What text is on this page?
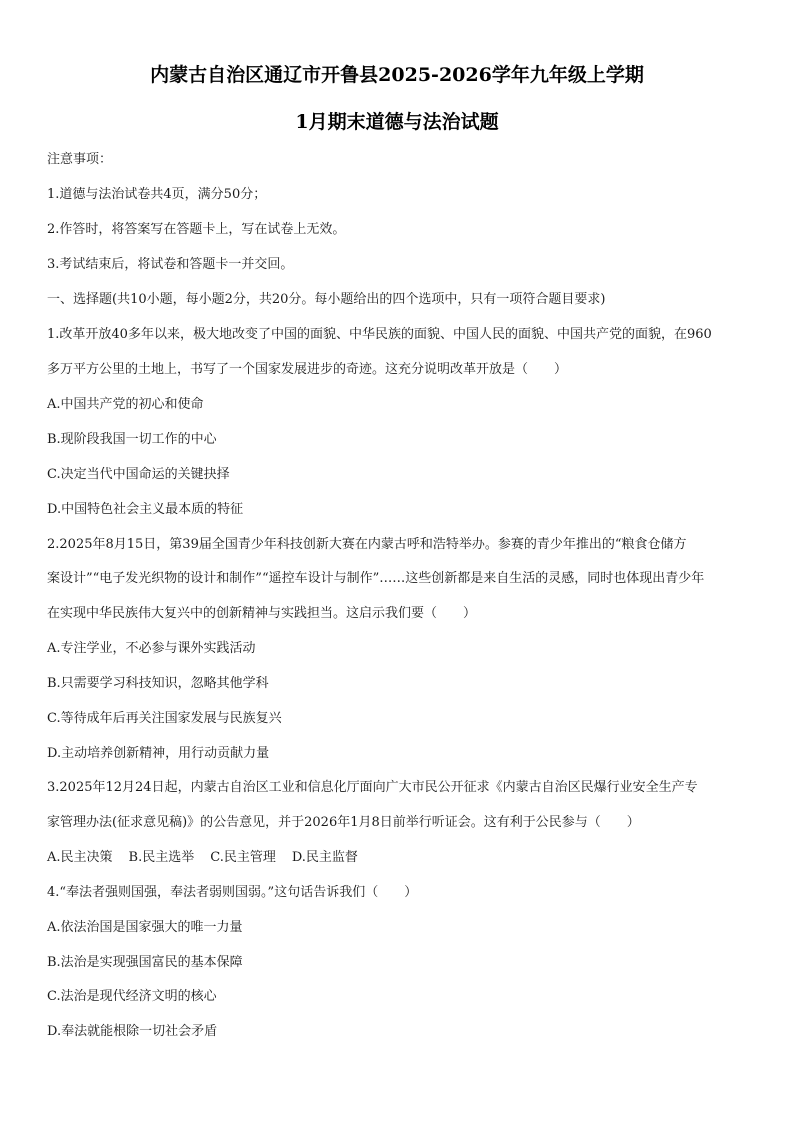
内蒙古自治区通辽市开鲁县2025-2026学年九年级上学期
1月期末道德与法治试题
注意事项：
1.道德与法治试卷共4页，满分50分；
2.作答时，将答案写在答题卡上，写在试卷上无效。
3.考试结束后，将试卷和答题卡一并交回。
一、选择题(共10小题，每小题2分，共20分。每小题给出的四个选项中，只有一项符合题目要求)
1.改革开放40多年以来，极大地改变了中国的面貌、中华民族的面貌、中国人民的面貌、中国共产党的面貌，在960
多万平方公里的土地上，书写了一个国家发展进步的奇迹。这充分说明改革开放是（　　）
A.中国共产党的初心和使命
B.现阶段我国一切工作的中心
C.决定当代中国命运的关键抉择
D.中国特色社会主义最本质的特征
2.2025年8月15日，第39届全国青少年科技创新大赛在内蒙古呼和浩特举办。参赛的青少年推出的“粮食仓储方
案设计”“电子发光织物的设计和制作”“遥控车设计与制作”……这些创新都是来自生活的灵感，同时也体现出青少年
在实现中华民族伟大复兴中的创新精神与实践担当。这启示我们要（　　）
A.专注学业，不必参与课外实践活动
B.只需要学习科技知识，忽略其他学科
C.等待成年后再关注国家发展与民族复兴
D.主动培养创新精神，用行动贡献力量
3.2025年12月24日起，内蒙古自治区工业和信息化厅面向广大市民公开征求《内蒙古自治区民爆行业安全生产专
家管理办法(征求意见稿)》的公告意见，并于2026年1月8日前举行听证会。这有利于公民参与（　　）
A.民主决策 B.民主选举 C.民主管理 D.民主监督
4.“奉法者强则国强，奉法者弱则国弱。”这句话告诉我们（　　）
A.依法治国是国家强大的唯一力量
B.法治是实现强国富民的基本保障
C.法治是现代经济文明的核心
D.奉法就能根除一切社会矛盾
